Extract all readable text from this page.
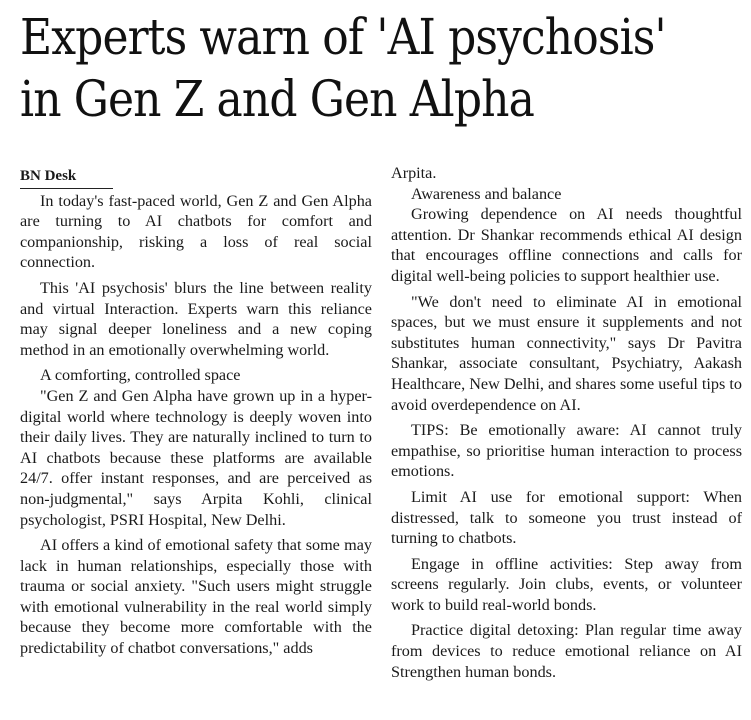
Experts warn of 'AI psychosis'
in Gen Z and Gen Alpha
BN Desk

In today's fast-paced world, Gen Z and Gen Alpha are turning to AI chatbots for comfort and companionship, risking a loss of real social connection.

This 'AI psychosis' blurs the line between reality and virtual Interaction. Experts warn this reliance may signal deeper loneliness and a new coping method in an emotionally overwhelming world.

A comforting, controlled space

"Gen Z and Gen Alpha have grown up in a hyper-digital world where technology is deeply woven into their daily lives. They are naturally inclined to turn to AI chatbots because these platforms are available 24/7. offer instant responses, and are perceived as non-judgmental," says Arpita Kohli, clinical psychologist, PSRI Hospital, New Delhi.

AI offers a kind of emotional safety that some may lack in human relationships, especially those with trauma or social anxiety. "Such users might struggle with emotional vulnerability in the real world simply because they become more comfortable with the predictability of chatbot conversations," adds

Arpita.

Awareness and balance

Growing dependence on AI needs thoughtful attention. Dr Shankar recommends ethical AI design that encourages offline connections and calls for digital well-being policies to support healthier use.

"We don't need to eliminate AI in emotional spaces, but we must ensure it supplements and not substitutes human connectivity," says Dr Pavitra Shankar, associate consultant, Psychiatry, Aakash Healthcare, New Delhi, and shares some useful tips to avoid overdependence on AI.

TIPS: Be emotionally aware: AI cannot truly empathise, so prioritise human interaction to process emotions.

Limit AI use for emotional support: When distressed, talk to someone you trust instead of turning to chatbots.

Engage in offline activities: Step away from screens regularly. Join clubs, events, or volunteer work to build real-world bonds.

Practice digital detoxing: Plan regular time away from devices to reduce emotional reliance on AI Strengthen human bonds.
